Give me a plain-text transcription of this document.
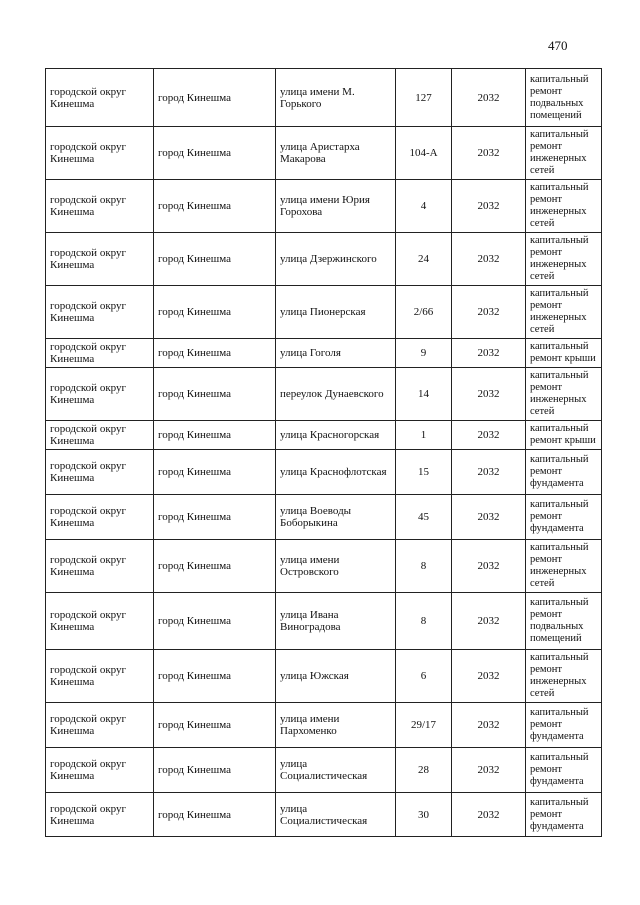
470
городской округ Кинешма	город Кинешма	улица имени М. Горького	127	2032	капитальный ремонт подвальных помещений
городской округ Кинешма	город Кинешма	улица Аристарха Макарова	104-А	2032	капитальный ремонт инженерных сетей
городской округ Кинешма	город Кинешма	улица имени Юрия Горохова	4	2032	капитальный ремонт инженерных сетей
городской округ Кинешма	город Кинешма	улица Дзержинского	24	2032	капитальный ремонт инженерных сетей
городской округ Кинешма	город Кинешма	улица Пионерская	2/66	2032	капитальный ремонт инженерных сетей
городской округ Кинешма	город Кинешма	улица Гоголя	9	2032	капитальный ремонт крыши
городской округ Кинешма	город Кинешма	переулок Дунаевского	14	2032	капитальный ремонт инженерных сетей
городской округ Кинешма	город Кинешма	улица Красногорская	1	2032	капитальный ремонт крыши
городской округ Кинешма	город Кинешма	улица Краснофлотская	15	2032	капитальный ремонт фундамента
городской округ Кинешма	город Кинешма	улица Воеводы Боборыкина	45	2032	капитальный ремонт фундамента
городской округ Кинешма	город Кинешма	улица имени Островского	8	2032	капитальный ремонт инженерных сетей
городской округ Кинешма	город Кинешма	улица Ивана Виноградова	8	2032	капитальный ремонт подвальных помещений
городской округ Кинешма	город Кинешма	улица Южская	6	2032	капитальный ремонт инженерных сетей
городской округ Кинешма	город Кинешма	улица имени Пархоменко	29/17	2032	капитальный ремонт фундамента
городской округ Кинешма	город Кинешма	улица Социалистическая	28	2032	капитальный ремонт фундамента
городской округ Кинешма	город Кинешма	улица Социалистическая	30	2032	капитальный ремонт фундамента
